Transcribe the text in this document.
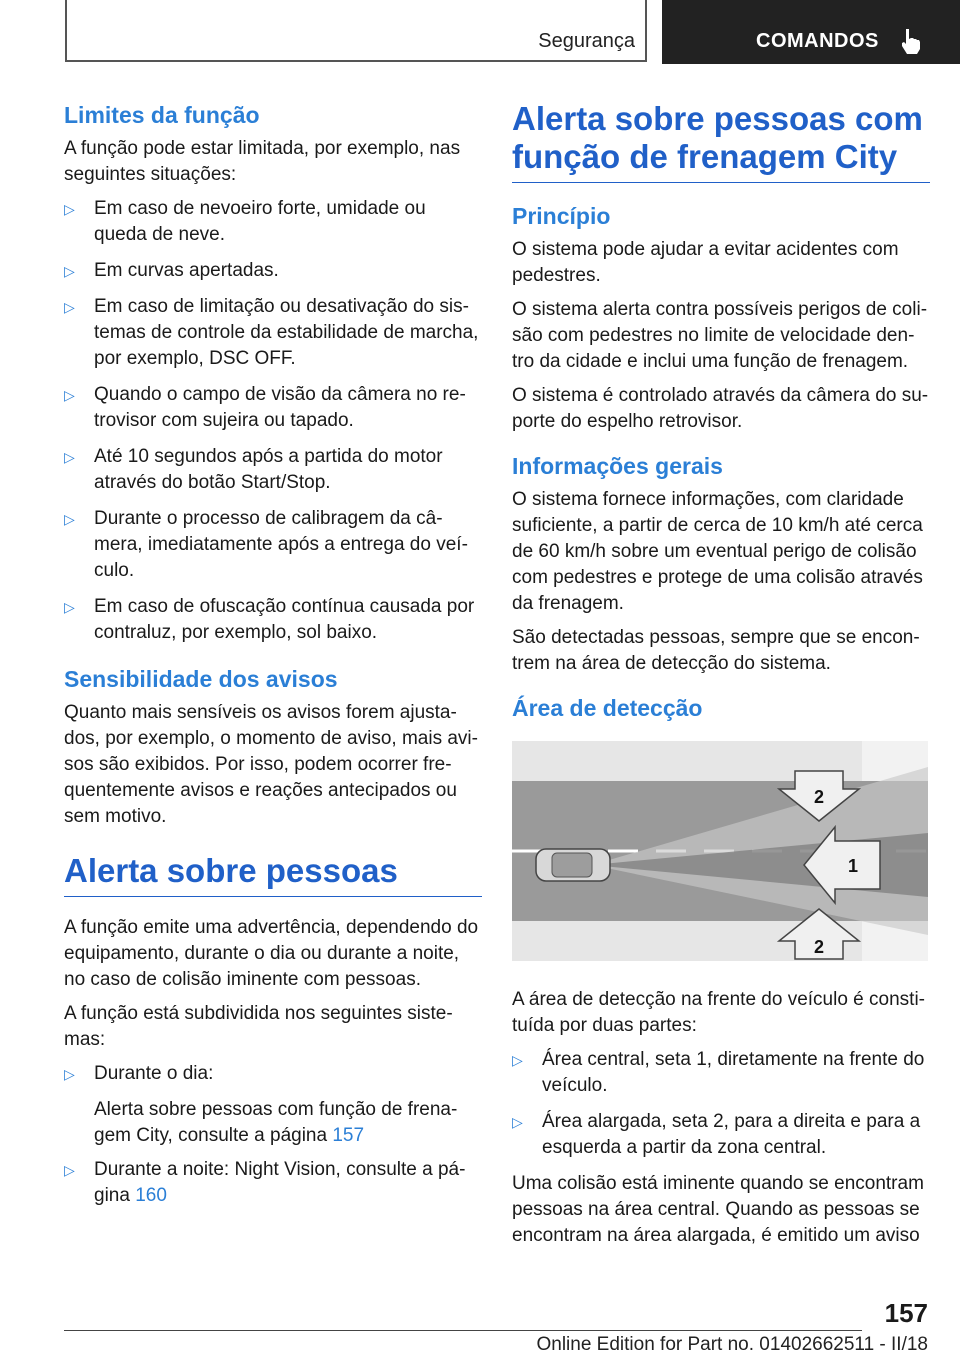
Segurança	COMANDOS
Limites da função

A função pode estar limitada, por exemplo, nas seguintes situações:

▷ Em caso de nevoeiro forte, umidade ou queda de neve.
▷ Em curvas apertadas.
▷ Em caso de limitação ou desativação do sistemas de controle da estabilidade de marcha, por exemplo, DSC OFF.
▷ Quando o campo de visão da câmera no retrovisor com sujeira ou tapado.
▷ Até 10 segundos após a partida do motor através do botão Start/Stop.
▷ Durante o processo de calibragem da câmera, imediatamente após a entrega do veículo.
▷ Em caso de ofuscação contínua causada por contraluz, por exemplo, sol baixo.
Sensibilidade dos avisos

Quanto mais sensíveis os avisos forem ajustados, por exemplo, o momento de aviso, mais avisos são exibidos. Por isso, podem ocorrer frequentemente avisos e reações antecipados ou sem motivo.

Alerta sobre pessoas

A função emite uma advertência, dependendo do equipamento, durante o dia ou durante a noite, no caso de colisão iminente com pessoas.

A função está subdividida nos seguintes sistemas:

▷ Durante o dia:

Alerta sobre pessoas com função de frenagem City, consulte a página 157

▷ Durante a noite: Night Vision, consulte a página 160
Alerta sobre pessoas com função de frenagem City
Princípio

O sistema pode ajudar a evitar acidentes com pedestres.

O sistema alerta contra possíveis perigos de colisão com pedestres no limite de velocidade dentro da cidade e inclui uma função de frenagem.

O sistema é controlado através da câmera do suporte do espelho retrovisor.

Informações gerais

O sistema fornece informações, com claridade suficiente, a partir de cerca de 10 km/h até cerca de 60 km/h sobre um eventual perigo de colisão com pedestres e protege de uma colisão através da frenagem.

São detectadas pessoas, sempre que se encontrem na área de detecção do sistema.

Área de detecção
2
1
2

A área de detecção na frente do veículo é constituída por duas partes:

▷ Área central, seta 1, diretamente na frente do veículo.
▷ Área alargada, seta 2, para a direita e para a esquerda a partir da zona central.

Uma colisão está iminente quando se encontram pessoas na área central. Quando as pessoas se encontram na área alargada, é emitido um aviso

157
Online Edition for Part no. 01402662511 - II/18
